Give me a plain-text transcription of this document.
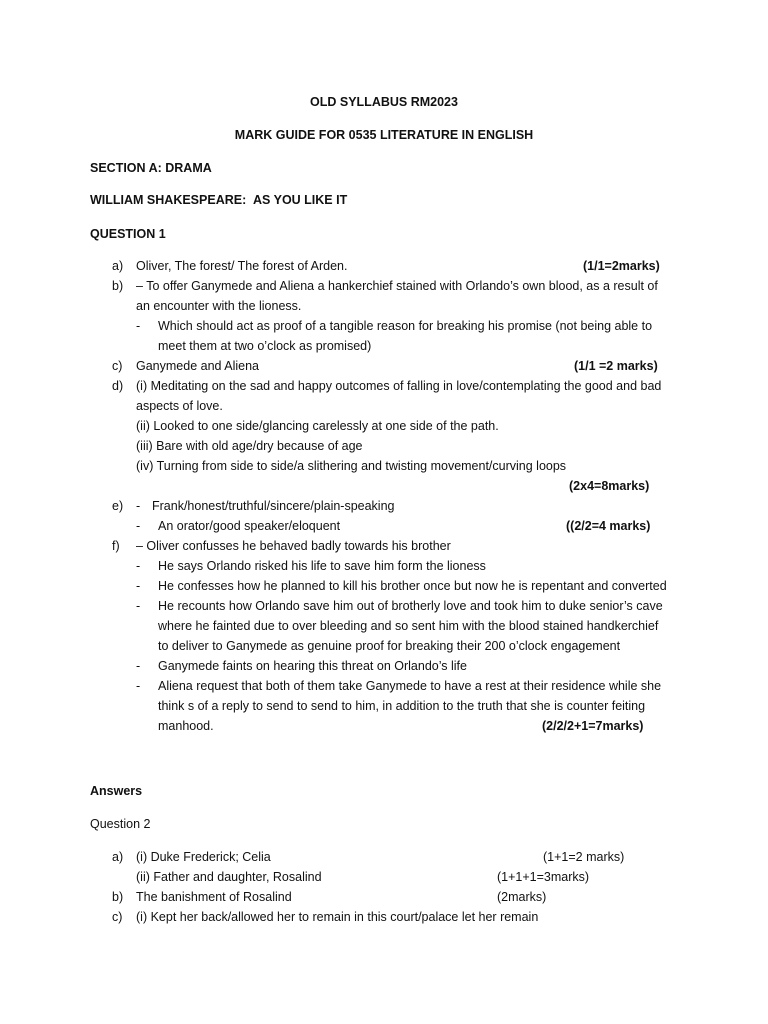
OLD SYLLABUS RM2023
MARK GUIDE FOR 0535 LITERATURE IN ENGLISH
SECTION A: DRAMA
WILLIAM SHAKESPEARE: AS YOU LIKE IT
QUESTION 1
a) Oliver, The forest/ The forest of Arden.	(1/1=2marks)
b) – To offer Ganymede and Aliena a hankerchief stained with Orlando’s own blood, as a result of
an encounter with the lioness.
- Which should act as proof of a tangible reason for breaking his promise (not being able to
meet them at two o’clock as promised)
c) Ganymede and Aliena	(1/1 =2 marks)
d) (i) Meditating on the sad and happy outcomes of falling in love/contemplating the good and bad
aspects of love.
(ii) Looked to one side/glancing carelessly at one side of the path.
(iii) Bare with old age/dry because of age
(iv) Turning from side to side/a slithering and twisting movement/curving loops
(2x4=8marks)
e) - Frank/honest/truthful/sincere/plain-speaking
- An orator/good speaker/eloquent	((2/2=4 marks)
f) – Oliver confusses he behaved badly towards his brother
- He says Orlando risked his life to save him form the lioness
- He confesses how he planned to kill his brother once but now he is repentant and converted
- He recounts how Orlando save him out of brotherly love and took him to duke senior’s cave
where he fainted due to over bleeding and so sent him with the blood stained handkerchief
to deliver to Ganymede as genuine proof for breaking their 200 o’clock engagement
- Ganymede faints on hearing this threat on Orlando’s life
- Aliena request that both of them take Ganymede to have a rest at their residence while she
think s of a reply to send to send to him, in addition to the truth that she is counter feiting
manhood.	(2/2/2+1=7marks)
Answers
Question 2
a) (i) Duke Frederick; Celia	(1+1=2 marks)
(ii) Father and daughter, Rosalind	(1+1+1=3marks)
b) The banishment of Rosalind	(2marks)
c) (i) Kept her back/allowed her to remain in this court/palace let her remain
